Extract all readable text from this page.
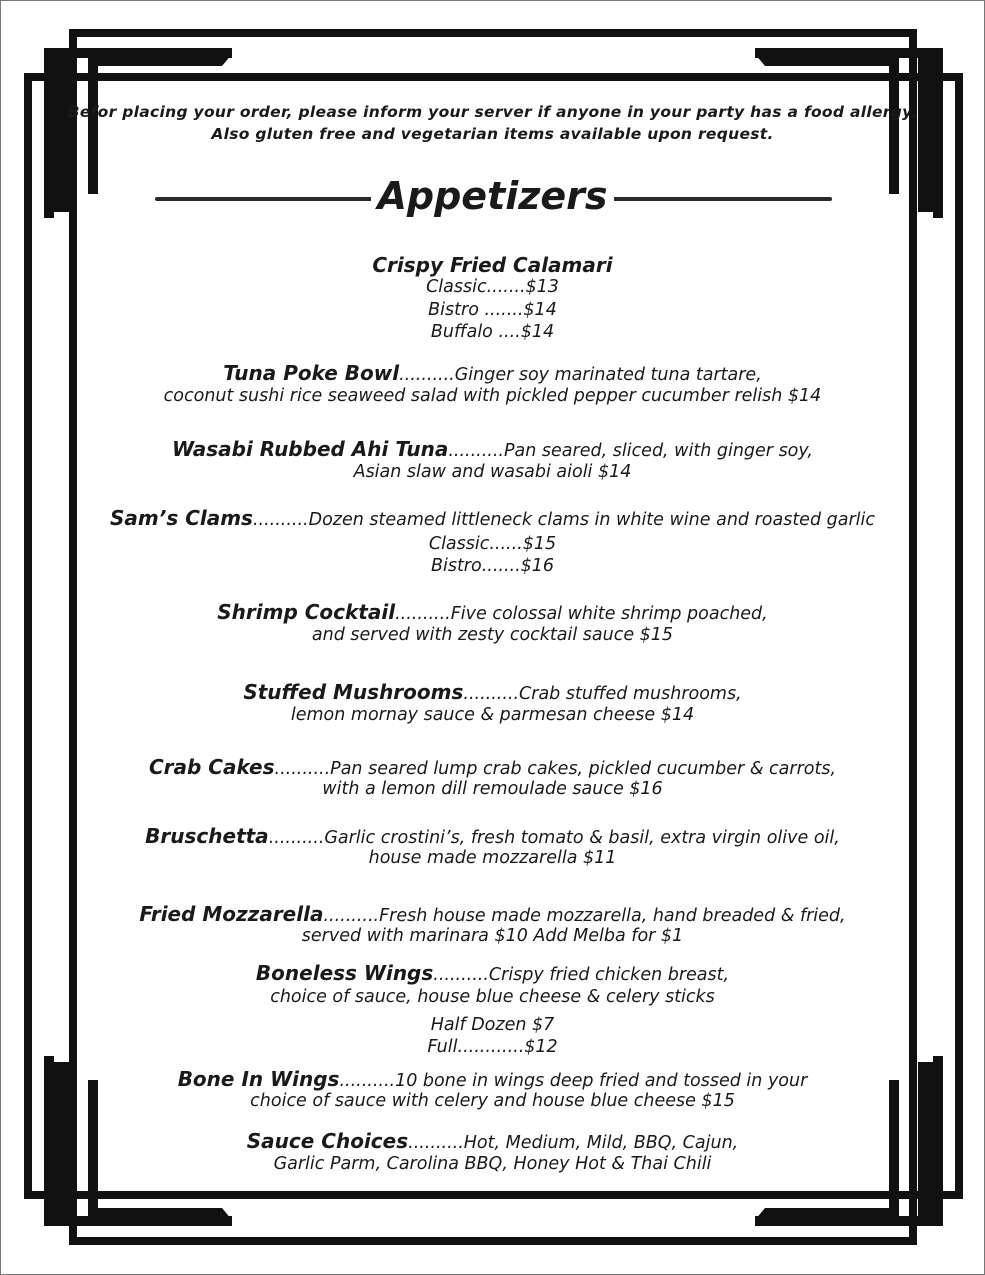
Befor placing your order, please inform your server if anyone in your party has a food allergy.
Also gluten free and vegetarian items available upon request.
Appetizers
Crispy Fried Calamari
Classic.......$13
Bistro .......$14
Buffalo ....$14
Tuna Poke Bowl..........Ginger soy marinated tuna tartare,
coconut sushi rice seaweed salad with pickled pepper cucumber relish $14
Wasabi Rubbed Ahi Tuna..........Pan seared, sliced, with ginger soy,
Asian slaw and wasabi aioli $14
Sam’s Clams..........Dozen steamed littleneck clams in white wine and roasted garlic
Classic......$15
Bistro.......$16
Shrimp Cocktail..........Five colossal white shrimp poached,
and served with zesty cocktail sauce $15
Stuffed Mushrooms..........Crab stuffed mushrooms,
lemon mornay sauce & parmesan cheese $14
Crab Cakes..........Pan seared lump crab cakes, pickled cucumber & carrots,
with a lemon dill remoulade sauce $16
Bruschetta..........Garlic crostini’s, fresh tomato & basil, extra virgin olive oil,
house made mozzarella $11
Fried Mozzarella..........Fresh house made mozzarella, hand breaded & fried,
served with marinara $10 Add Melba for $1
Boneless Wings..........Crispy fried chicken breast,
choice of sauce, house blue cheese & celery sticks
Half Dozen $7
Full............$12
Bone In Wings..........10 bone in wings deep fried and tossed in your
choice of sauce with celery and house blue cheese $15
Sauce Choices..........Hot, Medium, Mild, BBQ, Cajun,
Garlic Parm, Carolina BBQ, Honey Hot & Thai Chili
